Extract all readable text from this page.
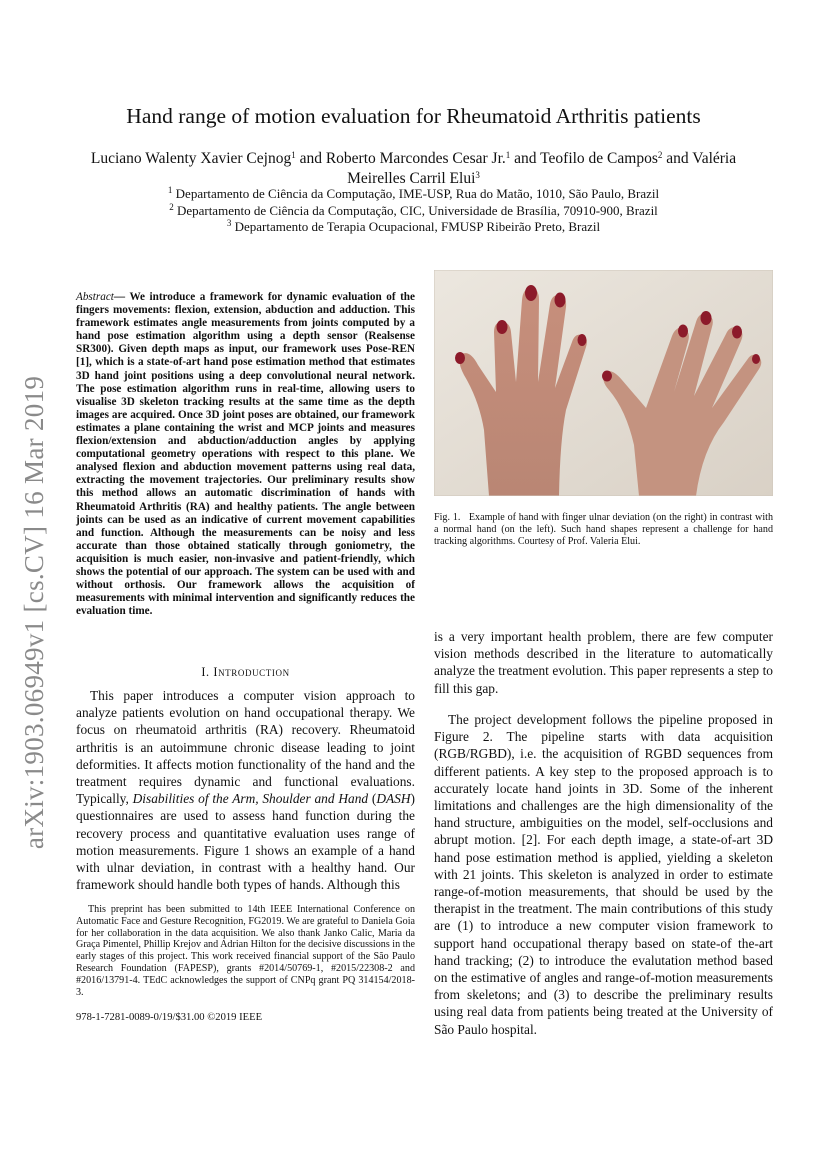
arXiv:1903.06949v1 [cs.CV] 16 Mar 2019
Hand range of motion evaluation for Rheumatoid Arthritis patients
Luciano Walenty Xavier Cejnog$^1$ and Roberto Marcondes Cesar Jr.$^1$ and Teofilo de Campos$^2$ and Valéria Meirelles Carril Elui$^3$
$^1$ Departamento de Ciência da Computação, IME-USP, Rua do Matão, 1010, São Paulo, Brazil
$^2$ Departamento de Ciência da Computação, CIC, Universidade de Brasília, 70910-900, Brazil
$^3$ Departamento de Terapia Ocupacional, FMUSP Ribeirão Preto, Brazil
Abstract— We introduce a framework for dynamic evaluation of the fingers movements: flexion, extension, abduction and adduction. This framework estimates angle measurements from joints computed by a hand pose estimation algorithm using a depth sensor (Realsense SR300). Given depth maps as input, our framework uses Pose-REN [1], which is a state-of-art hand pose estimation method that estimates 3D hand joint positions using a deep convolutional neural network. The pose estimation algorithm runs in real-time, allowing users to visualise 3D skeleton tracking results at the same time as the depth images are acquired. Once 3D joint poses are obtained, our framework estimates a plane containing the wrist and MCP joints and measures flexion/extension and abduction/adduction angles by applying computational geometry operations with respect to this plane. We analysed flexion and abduction movement patterns using real data, extracting the movement trajectories. Our preliminary results show this method allows an automatic discrimination of hands with Rheumatoid Arthritis (RA) and healthy patients. The angle between joints can be used as an indicative of current movement capabilities and function. Although the measurements can be noisy and less accurate than those obtained statically through goniometry, the acquisition is much easier, non-invasive and patient-friendly, which shows the potential of our approach. The system can be used with and without orthosis. Our framework allows the acquisition of measurements with minimal intervention and significantly reduces the evaluation time.
I. Introduction

This paper introduces a computer vision approach to analyze patients evolution on hand occupational therapy. We focus on rheumatoid arthritis (RA) recovery. Rheumatoid arthritis is an autoimmune chronic disease leading to joint deformities. It affects motion functionality of the hand and the treatment requires dynamic and functional evaluations. Typically, Disabilities of the Arm, Shoulder and Hand (DASH) questionnaires are used to assess hand function during the recovery process and quantitative evaluation uses range of motion measurements. Figure 1 shows an example of a hand with ulnar deviation, in contrast with a healthy hand. Our framework should handle both types of hands. Although this

This preprint has been submitted to 14th IEEE International Conference on Automatic Face and Gesture Recognition, FG2019. We are grateful to Daniela Goia for her collaboration in the data acquisition. We also thank Janko Calic, Maria da Graça Pimentel, Phillip Krejov and Adrian Hilton for the decisive discussions in the early stages of this project. This work received financial support of the São Paulo Research Foundation (FAPESP), grants #2014/50769-1, #2015/22308-2 and #2016/13791-4. TEdC acknowledges the support of CNPq grant PQ 314154/2018-3.
978-1-7281-0089-0/19/$31.00 ©2019 IEEE
Fig. 1. Example of hand with finger ulnar deviation (on the right) in contrast with a normal hand (on the left). Such hand shapes represent a challenge for hand tracking algorithms. Courtesy of Prof. Valeria Elui.

is a very important health problem, there are few computer vision methods described in the literature to automatically analyze the treatment evolution. This paper represents a step to fill this gap.

The project development follows the pipeline proposed in Figure 2. The pipeline starts with data acquisition (RGB/RGBD), i.e. the acquisition of RGBD sequences from different patients. A key step to the proposed approach is to accurately locate hand joints in 3D. Some of the inherent limitations and challenges are the high dimensionality of the hand structure, ambiguities on the model, self-occlusions and abrupt motion. [2]. For each depth image, a state-of-art 3D hand pose estimation method is applied, yielding a skeleton with 21 joints. This skeleton is analyzed in order to estimate range-of-motion measurements, that should be used by the therapist in the treatment. The main contributions of this study are (1) to introduce a new computer vision framework to support hand occupational therapy based on state-of the-art hand tracking; (2) to introduce the evalutation method based on the estimative of angles and range-of-motion measurements from skeletons; and (3) to describe the preliminary results using real data from patients being treated at the University of São Paulo hospital.
